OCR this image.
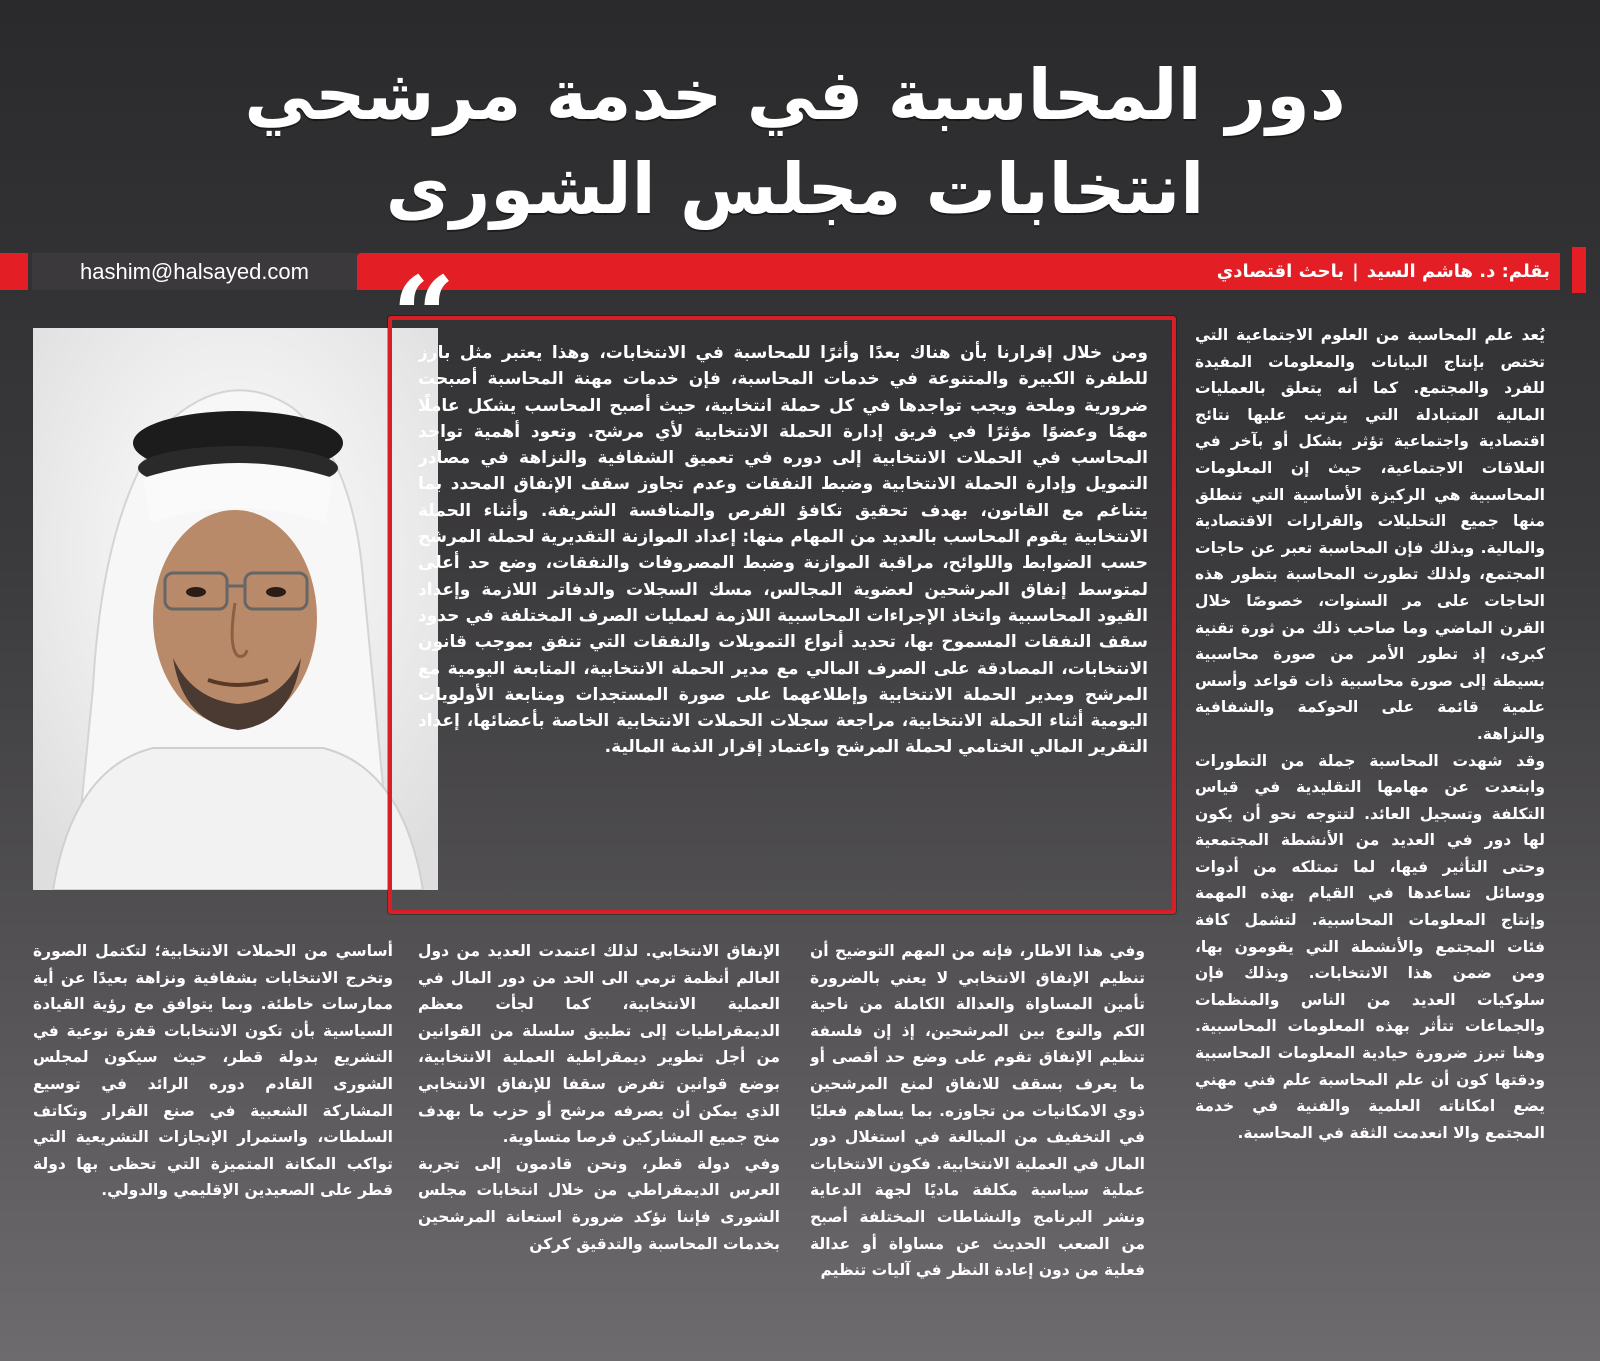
دور المحاسبة في خدمة مرشحي
انتخابات مجلس الشورى
hashim@halsayed.com	بقلم: د. هاشم السيد|باحث اقتصادي
“
ومن خلال إقرارنا بأن هناك بعدًا وأثرًا للمحاسبة في الانتخابات، وهذا يعتبر مثل بارز للطفرة الكبيرة والمتنوعة في خدمات المحاسبة، فإن خدمات مهنة المحاسبة أصبحت ضرورية وملحة ويجب تواجدها في كل حملة انتخابية، حيث أصبح المحاسب يشكل عاملًا مهمًا وعضوًا مؤثرًا في فريق إدارة الحملة الانتخابية لأي مرشح. وتعود أهمية تواجد المحاسب في الحملات الانتخابية إلى دوره في تعميق الشفافية والنزاهة في مصادر التمويل وإدارة الحملة الانتخابية وضبط النفقات وعدم تجاوز سقف الإنفاق المحدد بما يتناغم مع القانون، بهدف تحقيق تكافؤ الفرص والمنافسة الشريفة. وأثناء الحملة الانتخابية يقوم المحاسب بالعديد من المهام منها: إعداد الموازنة التقديرية لحملة المرشح حسب الضوابط واللوائح، مراقبة الموازنة وضبط المصروفات والنفقات، وضع حد أعلى لمتوسط إنفاق المرشحين لعضوية المجالس، مسك السجلات والدفاتر اللازمة وإعداد القيود المحاسبية واتخاذ الإجراءات المحاسبية اللازمة لعمليات الصرف المختلفة في حدود سقف النفقات المسموح بها، تحديد أنواع التمويلات والنفقات التي تنفق بموجب قانون الانتخابات، المصادقة على الصرف المالي مع مدير الحملة الانتخابية، المتابعة اليومية مع المرشح ومدير الحملة الانتخابية وإطلاعهما على صورة المستجدات ومتابعة الأولويات اليومية أثناء الحملة الانتخابية، مراجعة سجلات الحملات الانتخابية الخاصة بأعضائها، إعداد التقرير المالي الختامي لحملة المرشح واعتماد إقرار الذمة المالية.

يُعد علم المحاسبة من العلوم الاجتماعية التي تختص بإنتاج البيانات والمعلومات المفيدة للفرد والمجتمع. كما أنه يتعلق بالعمليات المالية المتبادلة التي يترتب عليها نتائج اقتصادية واجتماعية تؤثر بشكل أو بآخر في العلاقات الاجتماعية، حيث إن المعلومات المحاسبية هي الركيزة الأساسية التي تنطلق منها جميع التحليلات والقرارات الاقتصادية والمالية. وبذلك فإن المحاسبة تعبر عن حاجات المجتمع، ولذلك تطورت المحاسبة بتطور هذه الحاجات على مر السنوات، خصوصًا خلال القرن الماضي وما صاحب ذلك من ثورة تقنية كبرى، إذ تطور الأمر من صورة محاسبية بسيطة إلى صورة محاسبية ذات قواعد وأسس علمية قائمة على الحوكمة والشفافية والنزاهة.

وقد شهدت المحاسبة جملة من التطورات وابتعدت عن مهامها التقليدية في قياس التكلفة وتسجيل العائد. لتتوجه نحو أن يكون لها دور في العديد من الأنشطة المجتمعية وحتى التأثير فيها، لما تمتلكه من أدوات ووسائل تساعدها في القيام بهذه المهمة وإنتاج المعلومات المحاسبية. لتشمل كافة فئات المجتمع والأنشطة التي يقومون بها، ومن ضمن هذا الانتخابات. وبذلك فإن سلوكيات العديد من الناس والمنظمات والجماعات تتأثر بهذه المعلومات المحاسبية. وهنا تبرز ضرورة حيادية المعلومات المحاسبية ودقتها كون أن علم المحاسبة علم فني مهني يضع امكاناته العلمية والفنية في خدمة المجتمع والا انعدمت الثقة في المحاسبة.

وفي هذا الاطار، فإنه من المهم التوضيح أن تنظيم الإنفاق الانتخابي لا يعني بالضرورة تأمين المساواة والعدالة الكاملة من ناحية الكم والنوع بين المرشحين، إذ إن فلسفة تنظيم الإنفاق تقوم على وضع حد أقصى أو ما يعرف بسقف للانفاق لمنع المرشحين ذوي الامكانيات من تجاوزه. بما يساهم فعليًا في التخفيف من المبالغة في استغلال دور المال في العملية الانتخابية. فكون الانتخابات عملية سياسية مكلفة ماديًا لجهة الدعاية ونشر البرنامج والنشاطات المختلفة أصبح من الصعب الحديث عن مساواة أو عدالة فعلية من دون إعادة النظر في آليات تنظيم

الإنفاق الانتخابي. لذلك اعتمدت العديد من دول العالم أنظمة ترمي الى الحد من دور المال في العملية الانتخابية، كما لجأت معظم الديمقراطيات إلى تطبيق سلسلة من القوانين من أجل تطوير ديمقراطية العملية الانتخابية، بوضع قوانين تفرض سقفا للإنفاق الانتخابي الذي يمكن أن يصرفه مرشح أو حزب ما بهدف منح جميع المشاركين فرصا متساوية.

وفي دولة قطر، ونحن قادمون إلى تجربة العرس الديمقراطي من خلال انتخابات مجلس الشورى فإننا نؤكد ضرورة استعانة المرشحين بخدمات المحاسبة والتدقيق كركن

أساسي من الحملات الانتخابية؛ لتكتمل الصورة وتخرج الانتخابات بشفافية ونزاهة بعيدًا عن أية ممارسات خاطئة. وبما يتوافق مع رؤية القيادة السياسية بأن تكون الانتخابات قفزة نوعية في التشريع بدولة قطر، حيث سيكون لمجلس الشورى القادم دوره الرائد في توسيع المشاركة الشعبية في صنع القرار وتكاتف السلطات، واستمرار الإنجازات التشريعية التي تواكب المكانة المتميزة التي تحظى بها دولة قطر على الصعيدين الإقليمي والدولي.
